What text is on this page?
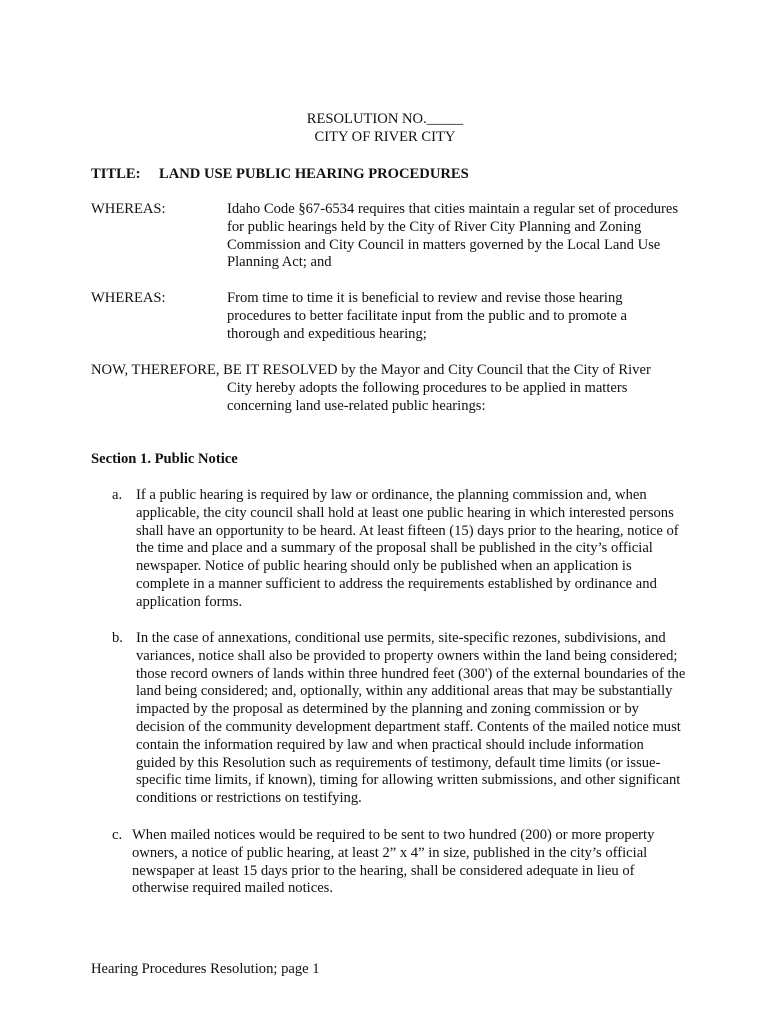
RESOLUTION NO._____
CITY OF RIVER CITY
TITLE: LAND USE PUBLIC HEARING PROCEDURES
WHEREAS:	Idaho Code §67-6534 requires that cities maintain a regular set of procedures for public hearings held by the City of River City Planning and Zoning Commission and City Council in matters governed by the Local Land Use Planning Act; and
WHEREAS:	From time to time it is beneficial to review and revise those hearing procedures to better facilitate input from the public and to promote a thorough and expeditious hearing;
NOW, THEREFORE, BE IT RESOLVED by the Mayor and City Council that the City of River
City hereby adopts the following procedures to be applied in matters concerning land use-related public hearings:
Section 1. Public Notice
a. If a public hearing is required by law or ordinance, the planning commission and, when applicable, the city council shall hold at least one public hearing in which interested persons shall have an opportunity to be heard. At least fifteen (15) days prior to the hearing, notice of the time and place and a summary of the proposal shall be published in the city’s official newspaper. Notice of public hearing should only be published when an application is complete in a manner sufficient to address the requirements established by ordinance and application forms.
b. In the case of annexations, conditional use permits, site-specific rezones, subdivisions, and variances, notice shall also be provided to property owners within the land being considered; those record owners of lands within three hundred feet (300') of the external boundaries of the land being considered; and, optionally, within any additional areas that may be substantially impacted by the proposal as determined by the planning and zoning commission or by decision of the community development department staff. Contents of the mailed notice must contain the information required by law and when practical should include information guided by this Resolution such as requirements of testimony, default time limits (or issue-specific time limits, if known), timing for allowing written submissions, and other significant conditions or restrictions on testifying.
c. When mailed notices would be required to be sent to two hundred (200) or more property owners, a notice of public hearing, at least 2” x 4” in size, published in the city’s official newspaper at least 15 days prior to the hearing, shall be considered adequate in lieu of otherwise required mailed notices.
Hearing Procedures Resolution; page 1
